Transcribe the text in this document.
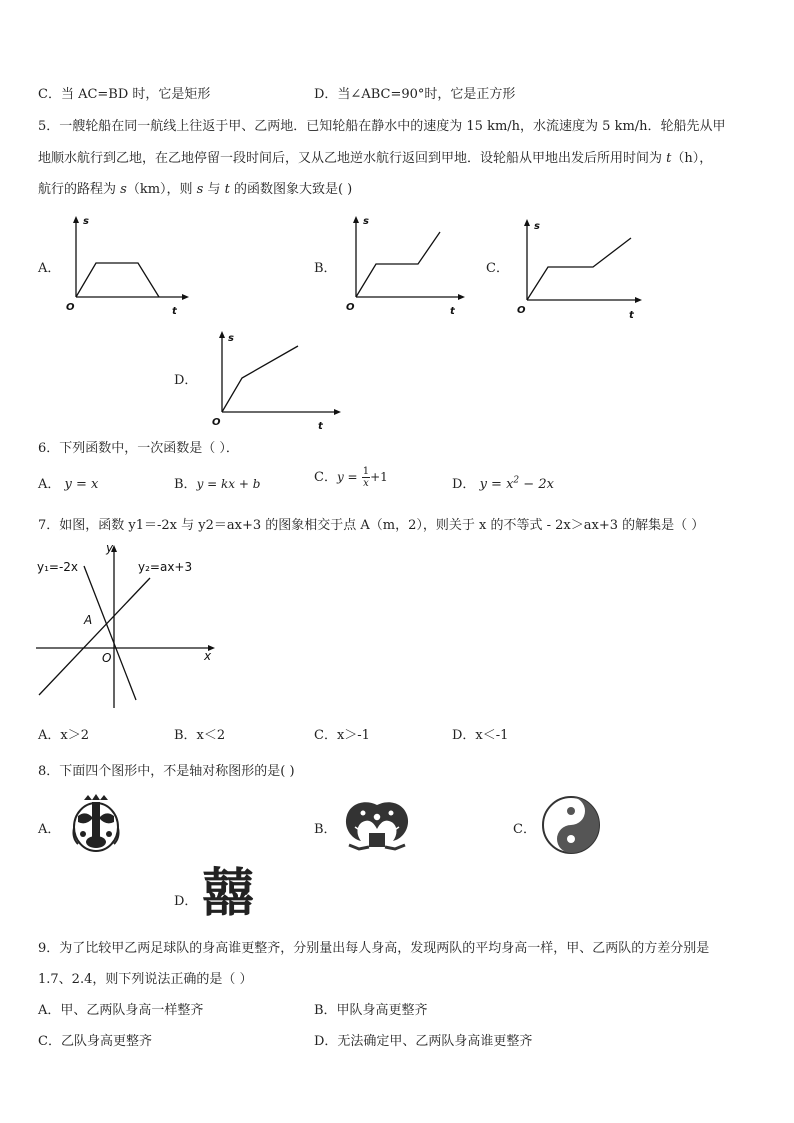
C．当 AC=BD 时，它是矩形	D．当∠ABC=90°时，它是正方形
5．一艘轮船在同一航线上往返于甲、乙两地．已知轮船在静水中的速度为 15 km/h，水流速度为 5 km/h．轮船先从甲
地顺水航行到乙地，在乙地停留一段时间后，又从乙地逆水航行返回到甲地．设轮船从甲地出发后所用时间为 t（h），
航行的路程为 s（km），则 s 与 t 的函数图象大致是( )
A．
s
O	t
B．
s
O	t
C．
s
O	t
D．
s
O	t
6．下列函数中，一次函数是（ ）．
A． y = x	B．y = kx + b	C．$y = \frac{1}{x} +1$	D． $y = x^2 - 2x$
7．如图，函数 y1＝-2x 与 y2＝ax+3 的图象相交于点 A（m，2），则关于 x 的不等式 - 2x＞ax+3 的解集是（ ）
y₁=-2x	y₂=ax+3
y
x
A
O
A．x＞2	B．x＜2	C．x＞-1	D．x＜-1
8．下面四个图形中，不是轴对称图形的是( )
A．	B．	C．
D． 囍
9．为了比较甲乙两足球队的身高谁更整齐，分别量出每人身高，发现两队的平均身高一样，甲、乙两队的方差分别是
1.7、2.4，则下列说法正确的是（ ）
A．甲、乙两队身高一样整齐	B．甲队身高更整齐
C．乙队身高更整齐	D．无法确定甲、乙两队身高谁更整齐
